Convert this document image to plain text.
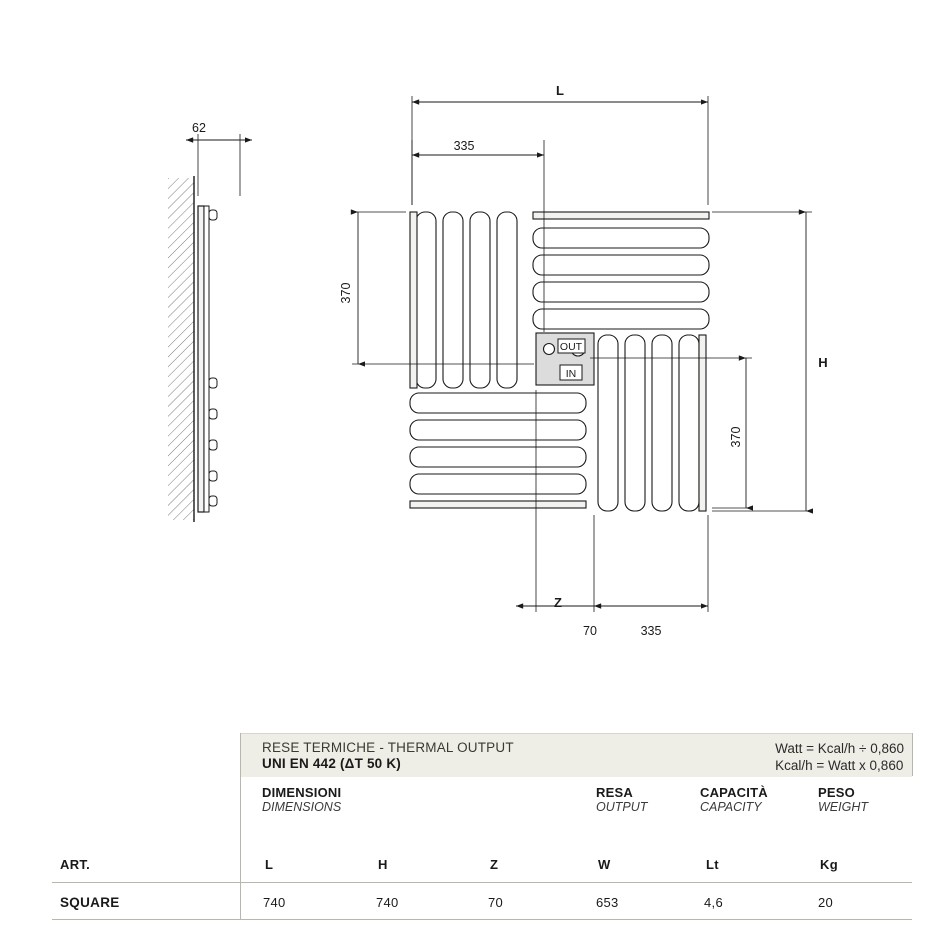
62
OUT
IN
L
335
370
H
370
Z
70	335
RESE TERMICHE - THERMAL OUTPUT
UNI EN 442 (ΔT 50 K)
Watt = Kcal/h ÷ 0,860
Kcal/h = Watt x 0,860
DIMENSIONI
DIMENSIONS
RESA
OUTPUT
CAPACITÀ
CAPACITY
PESO
WEIGHT
ART.	L	H	Z	W	Lt	Kg
SQUARE	740	740	70	653	4,6	20
